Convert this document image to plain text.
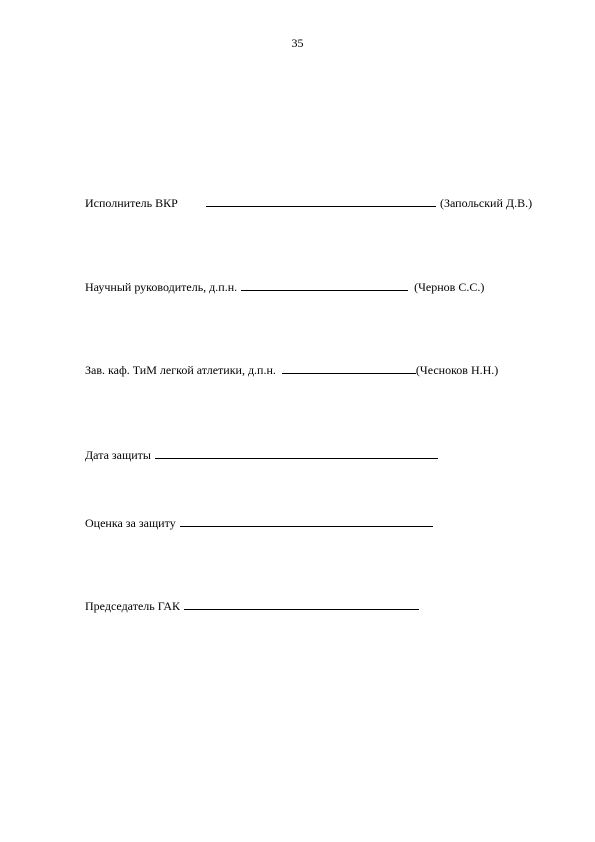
35
Исполнитель ВКР	(Запольский Д.В.)
Научный руководитель, д.п.н.	(Чернов С.С.)
Зав. каф. ТиМ легкой атлетики, д.п.н.	(Чесноков Н.Н.)
Дата защиты
Оценка за защиту
Председатель ГАК
